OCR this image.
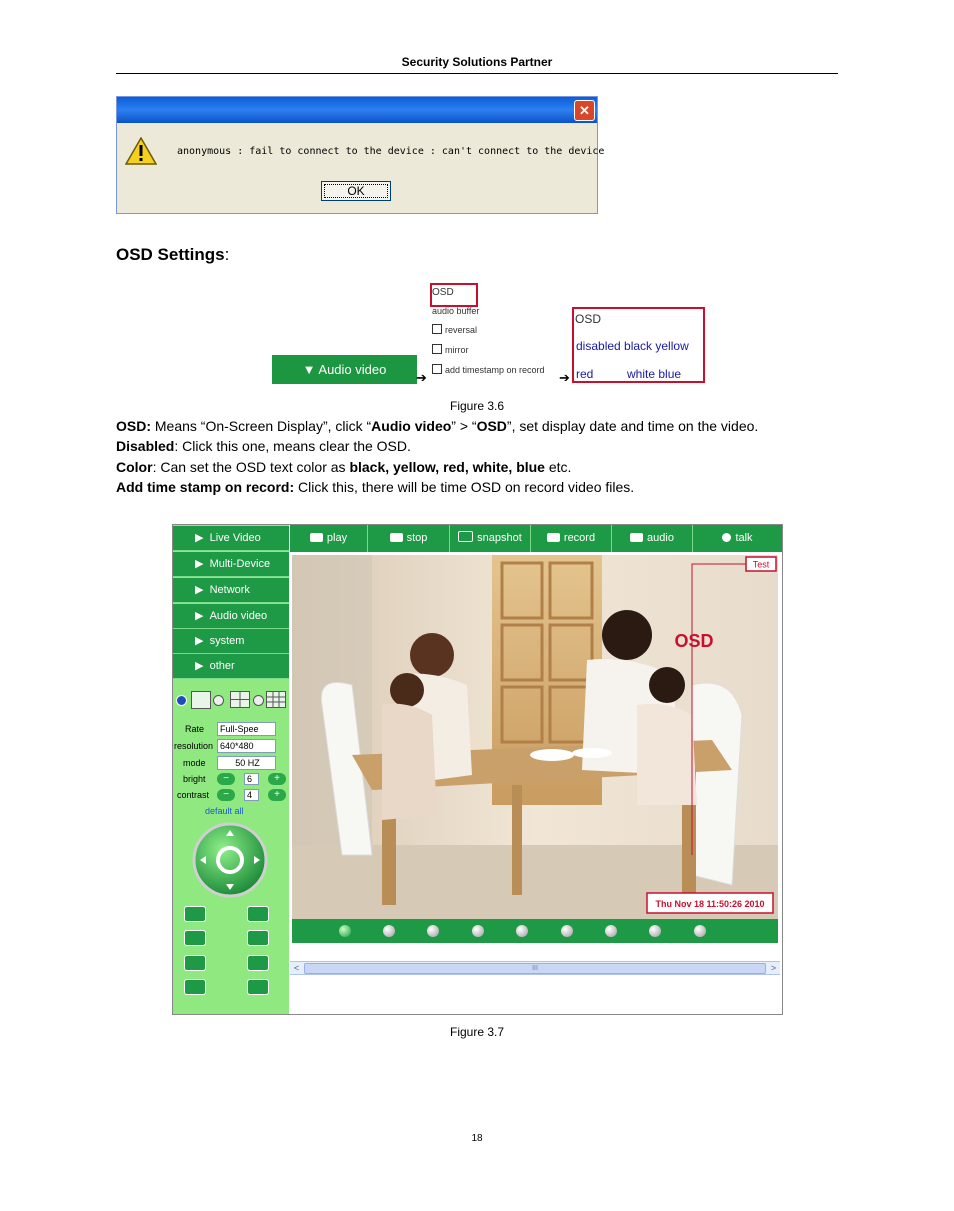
Security Solutions Partner
✕
anonymous : fail to connect to the device : can't connect to the device
OK
OSD Settings:
▼ Audio video
➔
OSD
audio buffer
reversal
mirror
add timestamp on record ➔
OSD
disabled black yellow
red	white blue
Figure 3.6
OSD: Means “On-Screen Display”, click “Audio video” > “OSD”, set display date and time on the video.
Disabled: Click this one, means clear the OSD.
Color: Can set the OSD text color as black, yellow, red, white, blue etc.
Add time stamp on record: Click this, there will be time OSD on record video files.
▶  Live Video
▶  Multi-Device
▶  Network
▶  Audio video
▶  system
▶  other
Rate	Full-Spee
resolution 640*480
mode	50 HZ
bright	−	6	+
contrast	−	4	+
default all
play	stop	snapshot	record	audio	talk
Test
OSD
Thu Nov 18 11:50:26 2010
<	III	>
Figure 3.7
18
